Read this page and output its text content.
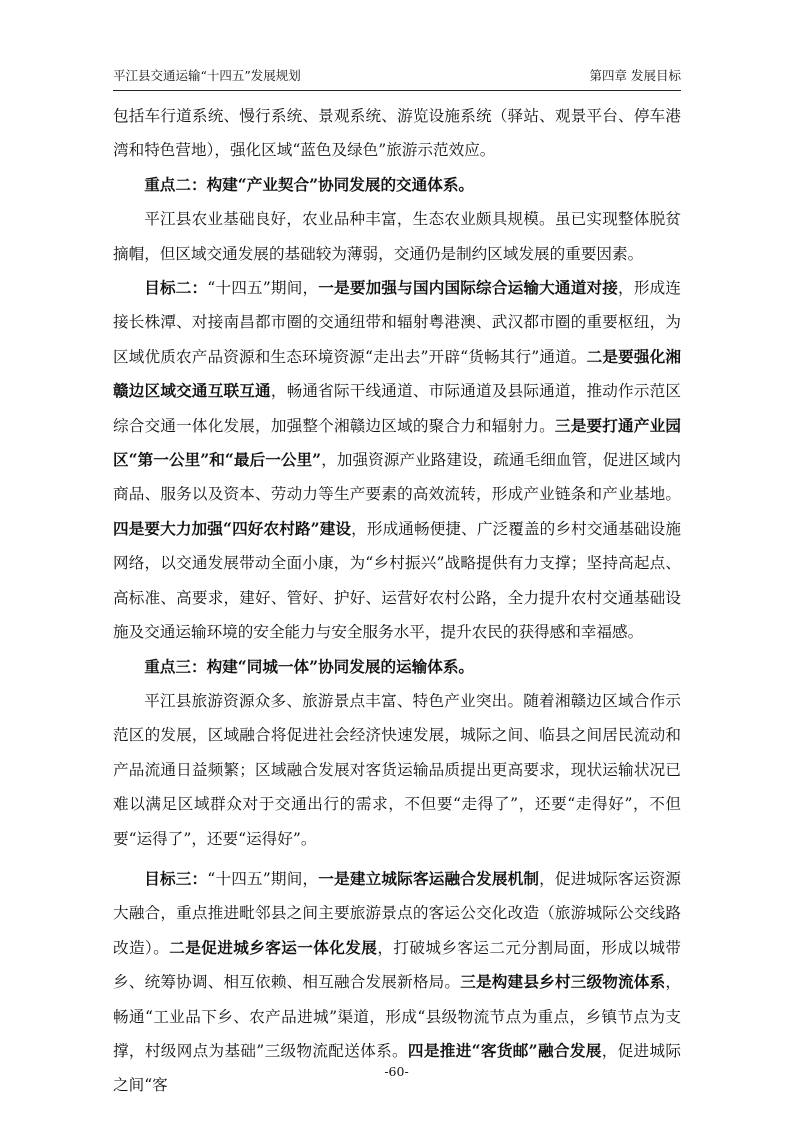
平江县交通运输“十四五”发展规划	第四章 发展目标

包括车行道系统、慢行系统、景观系统、游览设施系统（驿站、观景平台、停车港湾和特色营地），强化区域“蓝色及绿色”旅游示范效应。

重点二：构建“产业契合”协同发展的交通体系。

平江县农业基础良好，农业品种丰富，生态农业颇具规模。虽已实现整体脱贫摘帽，但区域交通发展的基础较为薄弱，交通仍是制约区域发展的重要因素。

目标二：“十四五”期间，一是要加强与国内国际综合运输大通道对接，形成连接长株潭、对接南昌都市圈的交通纽带和辐射粤港澳、武汉都市圈的重要枢纽，为区域优质农产品资源和生态环境资源“走出去”开辟“货畅其行”通道。二是要强化湘赣边区域交通互联互通，畅通省际干线通道、市际通道及县际通道，推动作示范区综合交通一体化发展，加强整个湘赣边区域的聚合力和辐射力。三是要打通产业园区“第一公里”和“最后一公里”，加强资源产业路建设，疏通毛细血管，促进区域内商品、服务以及资本、劳动力等生产要素的高效流转，形成产业链条和产业基地。四是要大力加强“四好农村路”建设，形成通畅便捷、广泛覆盖的乡村交通基础设施网络，以交通发展带动全面小康，为“乡村振兴”战略提供有力支撑；坚持高起点、高标准、高要求，建好、管好、护好、运营好农村公路，全力提升农村交通基础设施及交通运输环境的安全能力与安全服务水平，提升农民的获得感和幸福感。

重点三：构建“同城一体”协同发展的运输体系。

平江县旅游资源众多、旅游景点丰富、特色产业突出。随着湘赣边区域合作示范区的发展，区域融合将促进社会经济快速发展，城际之间、临县之间居民流动和产品流通日益频繁；区域融合发展对客货运输品质提出更高要求，现状运输状况已难以满足区域群众对于交通出行的需求，不但要“走得了”，还要“走得好”，不但要“运得了”，还要“运得好”。

目标三：“十四五”期间，一是建立城际客运融合发展机制，促进城际客运资源大融合，重点推进毗邻县之间主要旅游景点的客运公交化改造（旅游城际公交线路改造）。二是促进城乡客运一体化发展，打破城乡客运二元分割局面，形成以城带乡、统筹协调、相互依赖、相互融合发展新格局。三是构建县乡村三级物流体系，畅通“工业品下乡、农产品进城”渠道，形成“县级物流节点为重点，乡镇节点为支撑，村级网点为基础”三级物流配送体系。四是推进“客货邮”融合发展，促进城际之间“客

-60-
